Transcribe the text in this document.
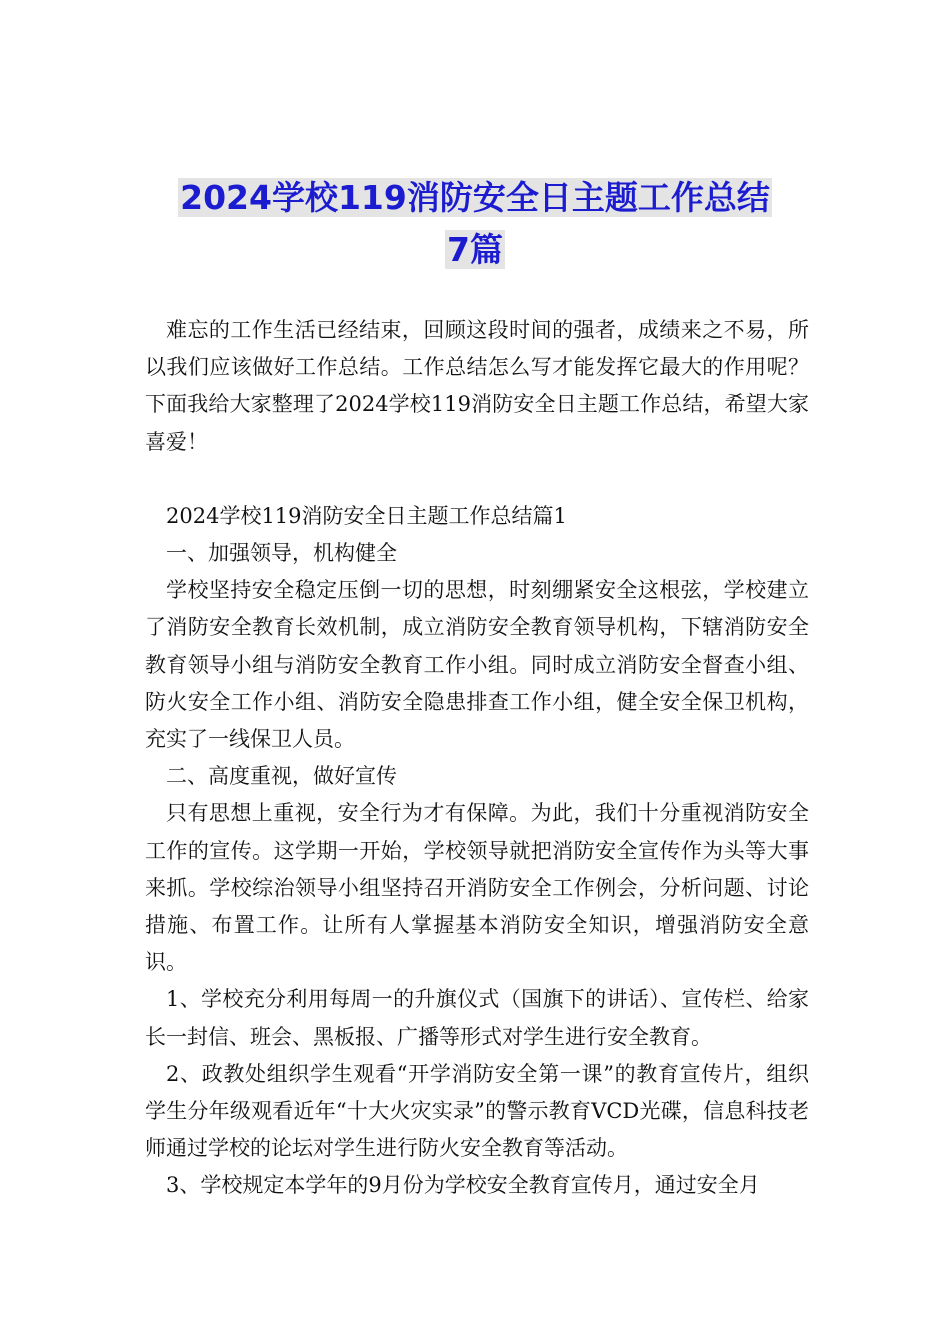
2024学校119消防安全日主题工作总结
7篇

难忘的工作生活已经结束，回顾这段时间的强者，成绩来之不易，所以我们应该做好工作总结。工作总结怎么写才能发挥它最大的作用呢？下面我给大家整理了2024学校119消防安全日主题工作总结，希望大家喜爱！

2024学校119消防安全日主题工作总结篇1

一、加强领导，机构健全

学校坚持安全稳定压倒一切的思想，时刻绷紧安全这根弦，学校建立了消防安全教育长效机制，成立消防安全教育领导机构，下辖消防安全教育领导小组与消防安全教育工作小组。同时成立消防安全督查小组、防火安全工作小组、消防安全隐患排查工作小组，健全安全保卫机构，充实了一线保卫人员。

二、高度重视，做好宣传

只有思想上重视，安全行为才有保障。为此，我们十分重视消防安全工作的宣传。这学期一开始，学校领导就把消防安全宣传作为头等大事来抓。学校综治领导小组坚持召开消防安全工作例会，分析问题、讨论措施、布置工作。让所有人掌握基本消防安全知识，增强消防安全意识。

1、学校充分利用每周一的升旗仪式（国旗下的讲话）、宣传栏、给家长一封信、班会、黑板报、广播等形式对学生进行安全教育。

2、政教处组织学生观看“开学消防安全第一课”的教育宣传片，组织学生分年级观看近年“十大火灾实录”的警示教育VCD光碟，信息科技老师通过学校的论坛对学生进行防火安全教育等活动。

3、学校规定本学年的9月份为学校安全教育宣传月，通过安全月
